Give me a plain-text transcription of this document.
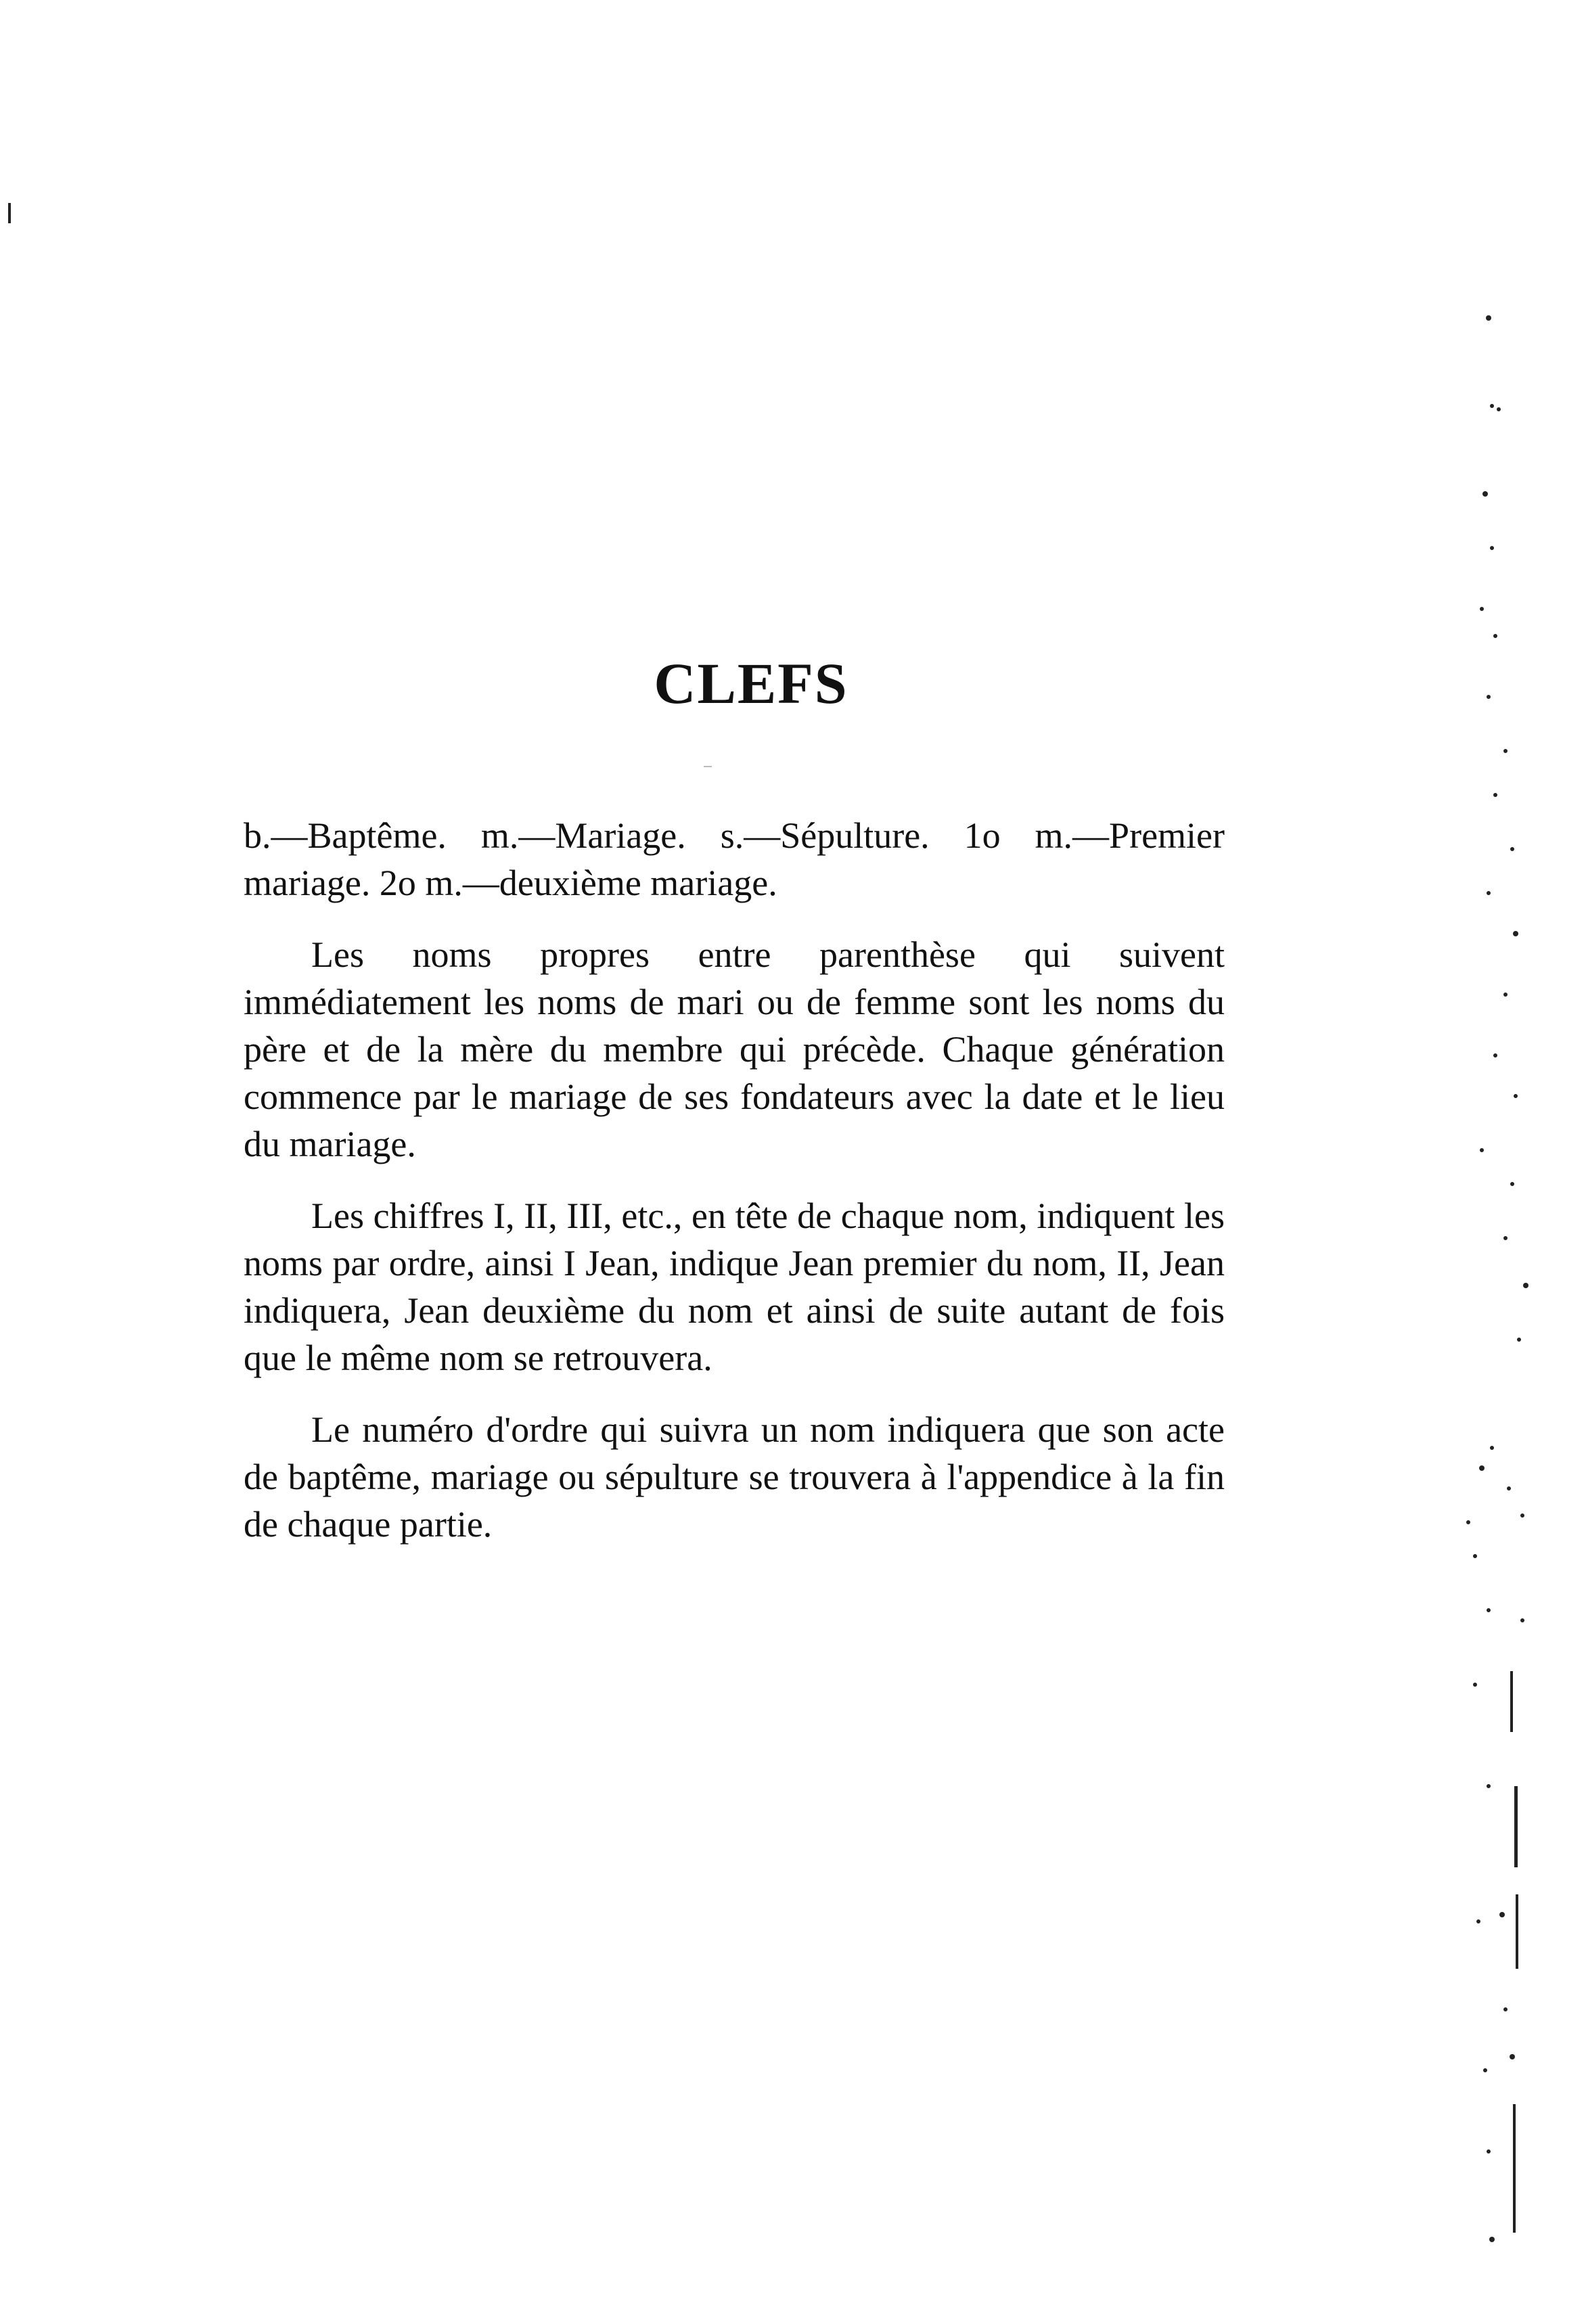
CLEFS

b.—Baptême. m.—Mariage. s.—Sépulture. 1o m.—Premier mariage. 2o m.—deuxième mariage.

Les noms propres entre parenthèse qui suivent immédiatement les noms de mari ou de femme sont les noms du père et de la mère du membre qui précède. Chaque génération commence par le mariage de ses fondateurs avec la date et le lieu du mariage.

Les chiffres I, II, III, etc., en tête de chaque nom, indiquent les noms par ordre, ainsi I Jean, indique Jean premier du nom, II, Jean indiquera, Jean deuxième du nom et ainsi de suite autant de fois que le même nom se retrouvera.

Le numéro d'ordre qui suivra un nom indiquera que son acte de baptême, mariage ou sépulture se trouvera à l'appendice à la fin de chaque partie.
